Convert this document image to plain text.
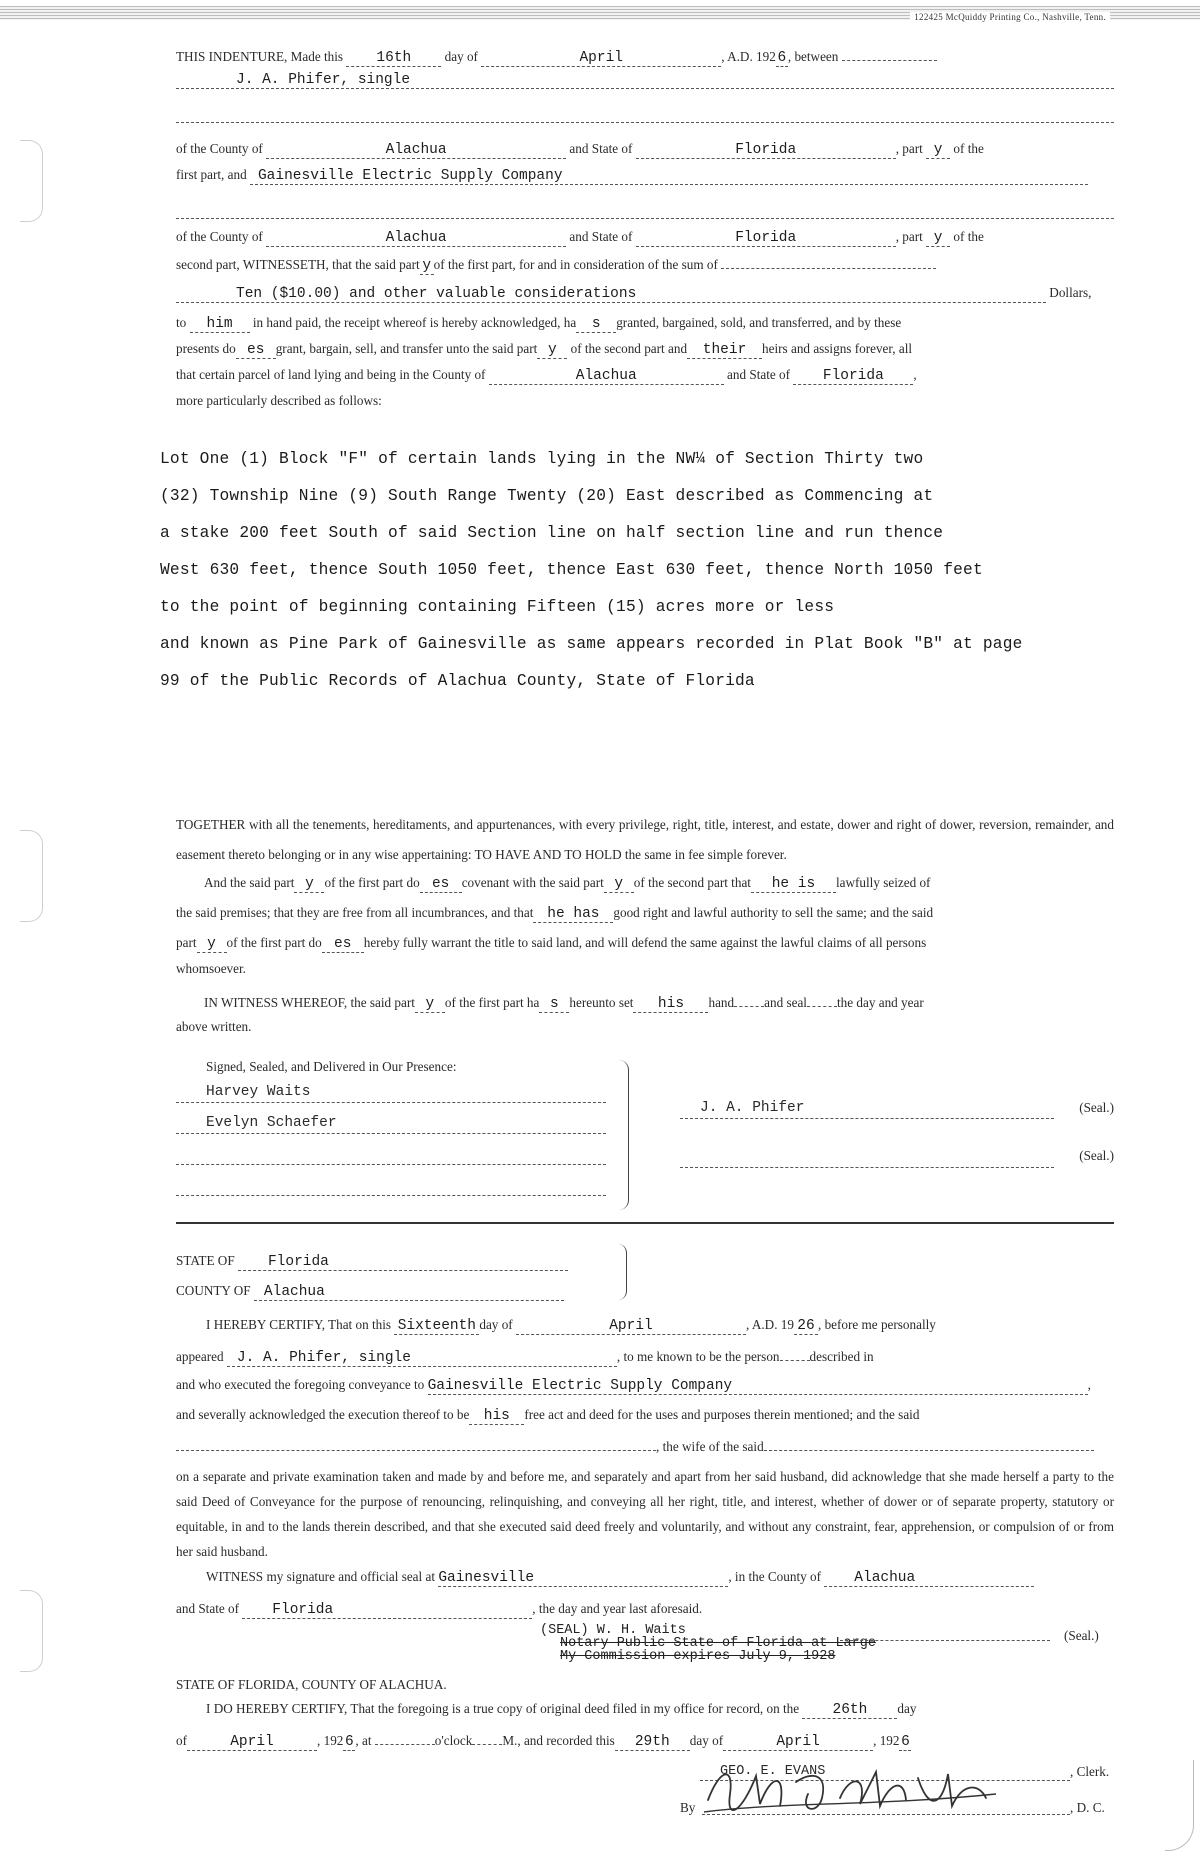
122425 McQuiddy Printing Co., Nashville, Tenn.
THIS INDENTURE, Made this 16th	day of	April	, A.D. 192 6 , between
J. A. Phifer, single
of the County of	Alachua	and State of	Florida	, part y of the
first part, and Gainesville Electric Supply Company
of the County of	Alachua	and State of	Florida	, part y of the
second part, WITNESSETH, that the said part y of the first part, for and in consideration of the sum of
Ten ($10.00) and other valuable considerations	Dollars,
to him in hand paid, the receipt whereof is hereby acknowledged, ha s granted, bargained, sold, and transferred, and by these
presents do es grant, bargain, sell, and transfer unto the said part y of the second part and their heirs and assigns forever, all
that certain parcel of land lying and being in the County of	Alachua	and State of Florida ,
more particularly described as follows:
Lot One (1) Block "F" of certain lands lying in the NW¼ of Section Thirty two
(32) Township Nine (9) South Range Twenty (20) East described as Commencing at
a stake 200 feet South of said Section line on half section line and run thence
West 630 feet, thence South 1050 feet, thence East 630 feet, thence North 1050 feet
to the point of beginning containing Fifteen (15) acres more or less
and known as Pine Park of Gainesville as same appears recorded in Plat Book "B" at page
99 of the Public Records of Alachua County, State of Florida
TOGETHER with all the tenements, hereditaments, and appurtenances, with every privilege, right, title, interest, and estate, dower and right of dower, reversion, remainder, and easement thereto belonging or in any wise appertaining: TO HAVE AND TO HOLD the same in fee simple forever.
And the said part y of the first part do es covenant with the said part y of the second part that he is lawfully seized of
the said premises; that they are free from all incumbrances, and that he has good right and lawful authority to sell the same; and the said
part y of the first part do es hereby fully warrant the title to said land, and will defend the same against the lawful claims of all persons
whomsoever.
IN WITNESS WHEREOF, the said part y of the first part ha s hereunto set his hand and seal the day and year
above written.
Signed, Sealed, and Delivered in Our Presence:
Harvey Waits
Evelyn Schaefer
J. A. Phifer	(Seal.)
(Seal.)
STATE OF Florida
COUNTY OF Alachua
I HEREBY CERTIFY, That on this Sixteenth day of	April	, A.D. 19 26 , before me personally
appeared J. A. Phifer, single	, to me known to be the person described in
and who executed the foregoing conveyance to Gainesville Electric Supply Company	,
and severally acknowledged the execution thereof to be his free act and deed for the uses and purposes therein mentioned; and the said
, the wife of the said
on a separate and private examination taken and made by and before me, and separately and apart from her said husband, did acknowledge that she made herself a party to the said Deed of Conveyance for the purpose of renouncing, relinquishing, and conveying all her right, title, and interest, whether of dower or of separate property, statutory or equitable, in and to the lands therein described, and that she executed said deed freely and voluntarily, and without any constraint, fear, apprehension, or compulsion of or from her said husband.
WITNESS my signature and official seal at Gainesville	, in the County of Alachua
and State of Florida	, the day and year last aforesaid.
(SEAL) W. H. Waits
Notary Public State of Florida at Large
My Commission expires July 9, 1928
(Seal.)
STATE OF FLORIDA, COUNTY OF ALACHUA.
I DO HEREBY CERTIFY, That the foregoing is a true copy of original deed filed in my office for record, on the 26th day
of	April	, 192 6 , at	o'clock M., and recorded this 29th day of	April	, 192 6
GEO. E. EVANS	, Clerk.
By	, D. C.
